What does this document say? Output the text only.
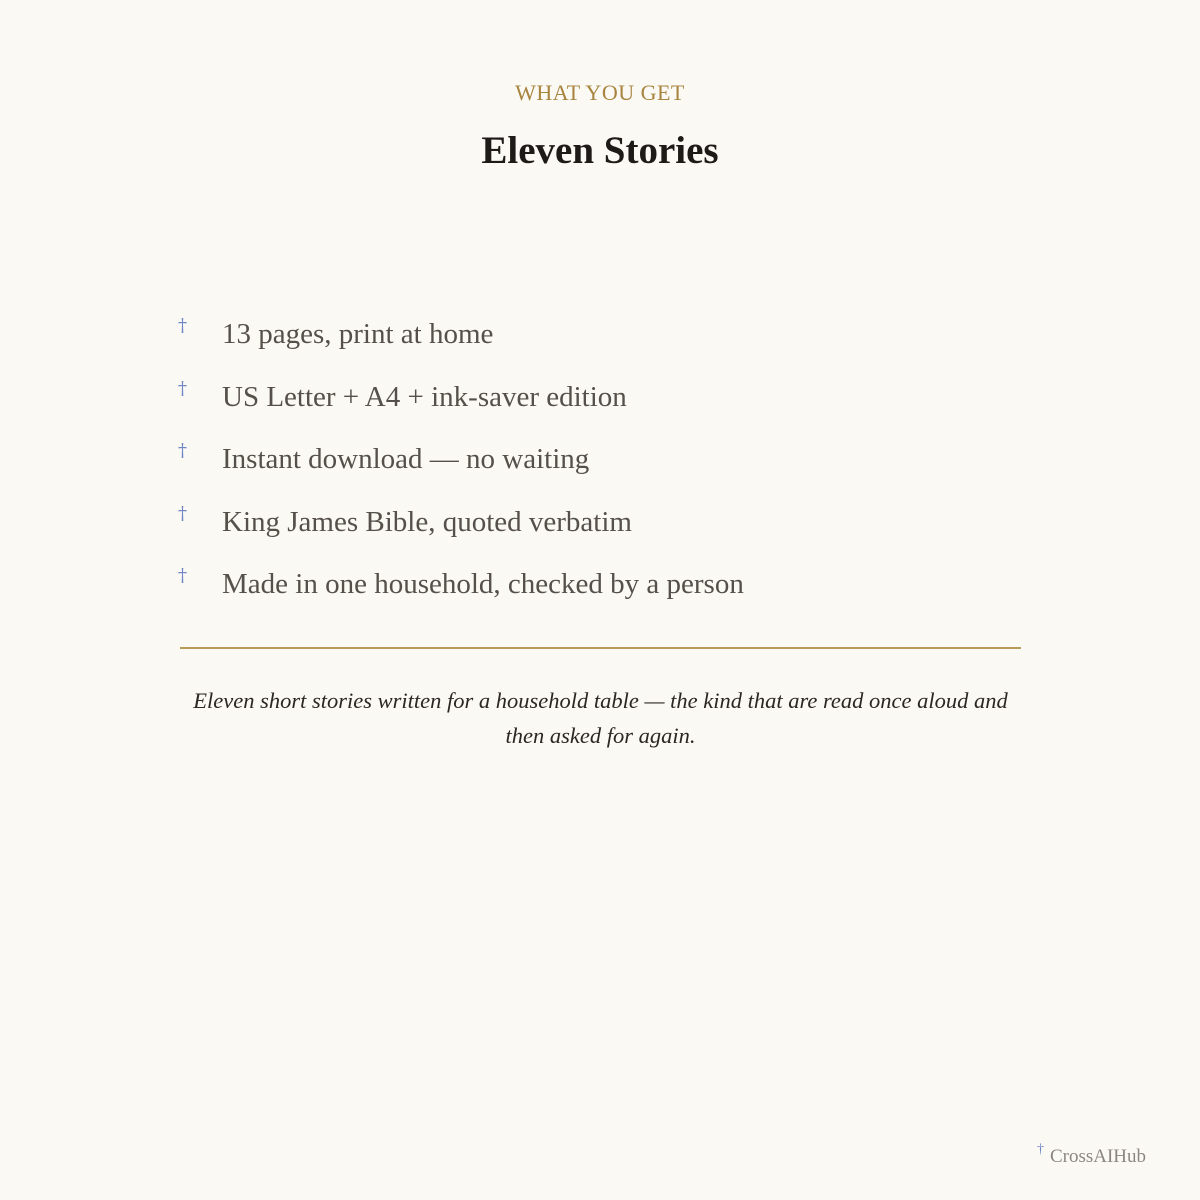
WHAT YOU GET
Eleven Stories
†	13 pages, print at home
†	US Letter + A4 + ink-saver edition
†	Instant download — no waiting
†	King James Bible, quoted verbatim
†	Made in one household, checked by a person

Eleven short stories written for a household table — the kind that are read once aloud and then asked for again.

† CrossAIHub
